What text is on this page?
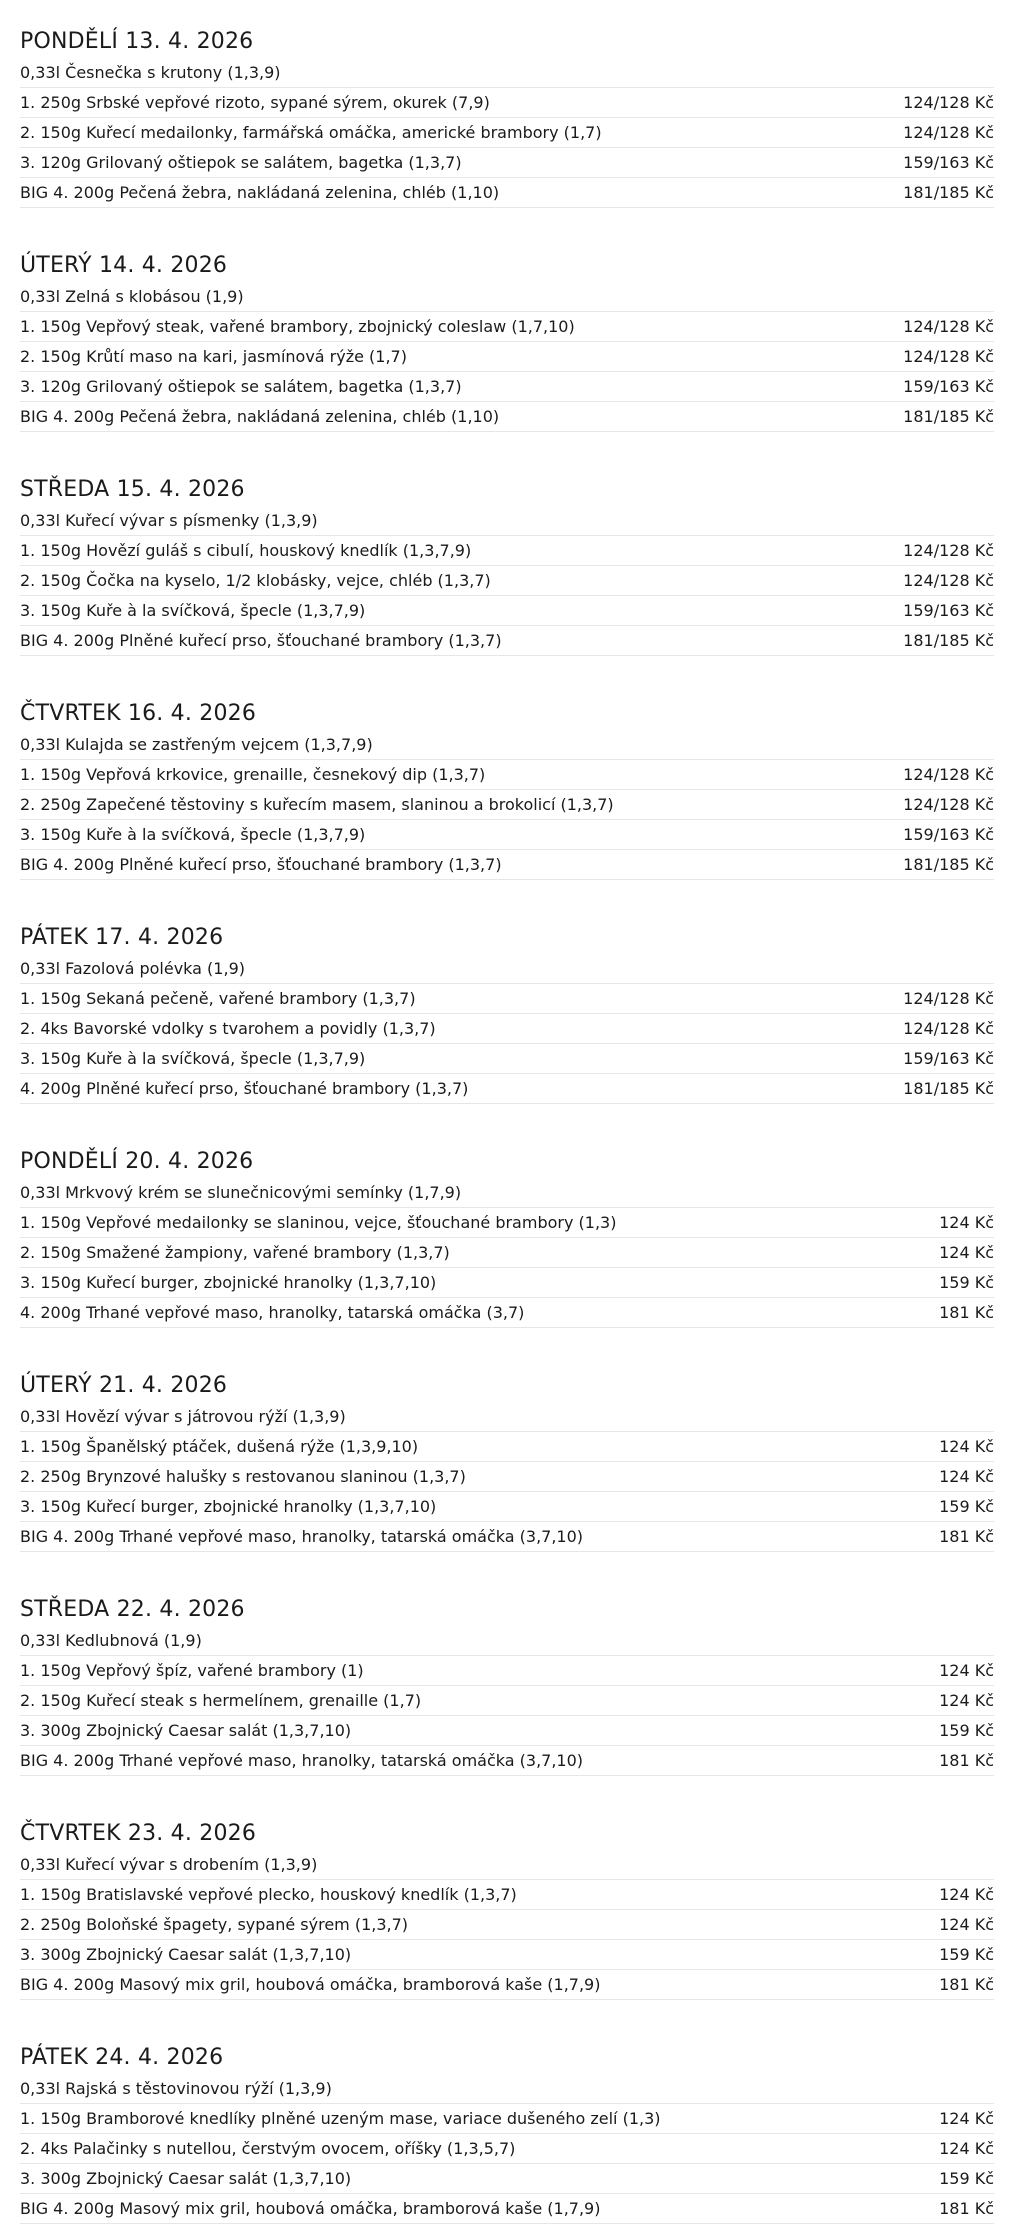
PONDĚLÍ 13. 4. 2026
0,33l Česnečka s krutony (1,3,9)
1. 250g Srbské vepřové rizoto, sypané sýrem, okurek (7,9)	124/128 Kč
2. 150g Kuřecí medailonky, farmářská omáčka, americké brambory (1,7)	124/128 Kč
3. 120g Grilovaný oštiepok se salátem, bagetka (1,3,7)	159/163 Kč
BIG 4. 200g Pečená žebra, nakládaná zelenina, chléb (1,10)	181/185 Kč
ÚTERÝ 14. 4. 2026
0,33l Zelná s klobásou (1,9)
1. 150g Vepřový steak, vařené brambory, zbojnický coleslaw (1,7,10)	124/128 Kč
2. 150g Krůtí maso na kari, jasmínová rýže (1,7)	124/128 Kč
3. 120g Grilovaný oštiepok se salátem, bagetka (1,3,7)	159/163 Kč
BIG 4. 200g Pečená žebra, nakládaná zelenina, chléb (1,10)	181/185 Kč
STŘEDA 15. 4. 2026
0,33l Kuřecí vývar s písmenky (1,3,9)
1. 150g Hovězí guláš s cibulí, houskový knedlík (1,3,7,9)	124/128 Kč
2. 150g Čočka na kyselo, 1/2 klobásky, vejce, chléb (1,3,7)	124/128 Kč
3. 150g Kuře à la svíčková, špecle (1,3,7,9)	159/163 Kč
BIG 4. 200g Plněné kuřecí prso, šťouchané brambory (1,3,7)	181/185 Kč
ČTVRTEK 16. 4. 2026
0,33l Kulajda se zastřeným vejcem (1,3,7,9)
1. 150g Vepřová krkovice, grenaille, česnekový dip (1,3,7)	124/128 Kč
2. 250g Zapečené těstoviny s kuřecím masem, slaninou a brokolicí (1,3,7)	124/128 Kč
3. 150g Kuře à la svíčková, špecle (1,3,7,9)	159/163 Kč
BIG 4. 200g Plněné kuřecí prso, šťouchané brambory (1,3,7)	181/185 Kč
PÁTEK 17. 4. 2026
0,33l Fazolová polévka (1,9)
1. 150g Sekaná pečeně, vařené brambory (1,3,7)	124/128 Kč
2. 4ks Bavorské vdolky s tvarohem a povidly (1,3,7)	124/128 Kč
3. 150g Kuře à la svíčková, špecle (1,3,7,9)	159/163 Kč
4. 200g Plněné kuřecí prso, šťouchané brambory (1,3,7)	181/185 Kč
PONDĚLÍ 20. 4. 2026
0,33l Mrkvový krém se slunečnicovými semínky (1,7,9)
1. 150g Vepřové medailonky se slaninou, vejce, šťouchané brambory (1,3)	124 Kč
2. 150g Smažené žampiony, vařené brambory (1,3,7)	124 Kč
3. 150g Kuřecí burger, zbojnické hranolky (1,3,7,10)	159 Kč
4. 200g Trhané vepřové maso, hranolky, tatarská omáčka (3,7)	181 Kč
ÚTERÝ 21. 4. 2026
0,33l Hovězí vývar s játrovou rýží (1,3,9)
1. 150g Španělský ptáček, dušená rýže (1,3,9,10)	124 Kč
2. 250g Brynzové halušky s restovanou slaninou (1,3,7)	124 Kč
3. 150g Kuřecí burger, zbojnické hranolky (1,3,7,10)	159 Kč
BIG 4. 200g Trhané vepřové maso, hranolky, tatarská omáčka (3,7,10)	181 Kč
STŘEDA 22. 4. 2026
0,33l Kedlubnová (1,9)
1. 150g Vepřový špíz, vařené brambory (1)	124 Kč
2. 150g Kuřecí steak s hermelínem, grenaille (1,7)	124 Kč
3. 300g Zbojnický Caesar salát (1,3,7,10)	159 Kč
BIG 4. 200g Trhané vepřové maso, hranolky, tatarská omáčka (3,7,10)	181 Kč
ČTVRTEK 23. 4. 2026
0,33l Kuřecí vývar s drobením (1,3,9)
1. 150g Bratislavské vepřové plecko, houskový knedlík (1,3,7)	124 Kč
2. 250g Boloňské špagety, sypané sýrem (1,3,7)	124 Kč
3. 300g Zbojnický Caesar salát (1,3,7,10)	159 Kč
BIG 4. 200g Masový mix gril, houbová omáčka, bramborová kaše (1,7,9)	181 Kč
PÁTEK 24. 4. 2026
0,33l Rajská s těstovinovou rýží (1,3,9)
1. 150g Bramborové knedlíky plněné uzeným mase, variace dušeného zelí (1,3)	124 Kč
2. 4ks Palačinky s nutellou, čerstvým ovocem, oříšky (1,3,5,7)	124 Kč
3. 300g Zbojnický Caesar salát (1,3,7,10)	159 Kč
BIG 4. 200g Masový mix gril, houbová omáčka, bramborová kaše (1,7,9)	181 Kč
